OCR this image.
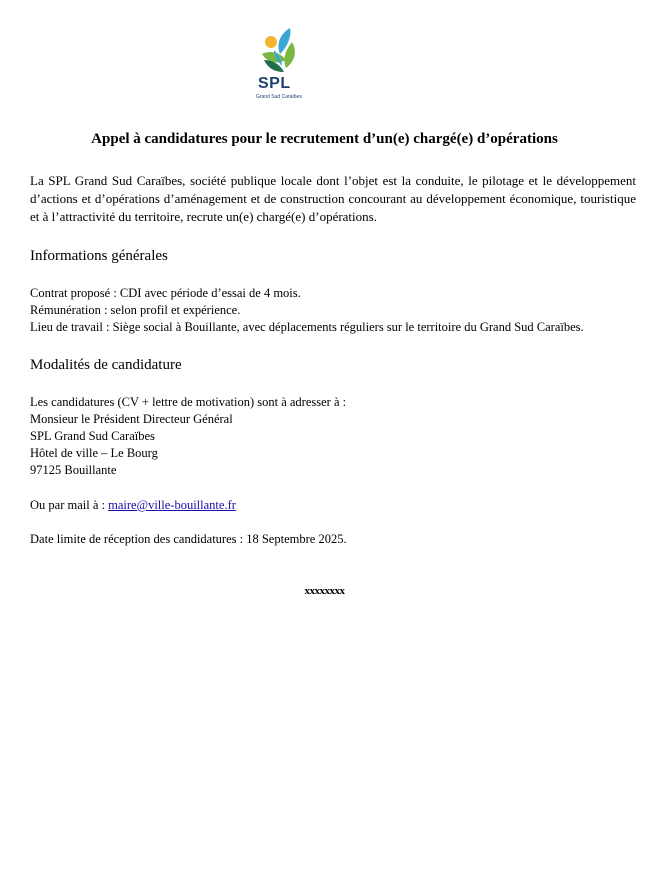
SPL
Grand Sud Caraïbes
Appel à candidatures pour le recrutement d’un(e) chargé(e) d’opérations

La SPL Grand Sud Caraïbes, société publique locale dont l’objet est la conduite, le pilotage et le développement d’actions et d’opérations d’aménagement et de construction concourant au développement économique, touristique et à l’attractivité du territoire, recrute un(e) chargé(e) d’opérations.

Informations générales

Contrat proposé : CDI avec période d’essai de 4 mois.

Rémunération : selon profil et expérience.

Lieu de travail : Siège social à Bouillante, avec déplacements réguliers sur le territoire du Grand Sud Caraïbes.

Modalités de candidature

Les candidatures (CV + lettre de motivation) sont à adresser à :

Monsieur le Président Directeur Général

SPL Grand Sud Caraïbes

Hôtel de ville – Le Bourg

97125 Bouillante

Ou par mail à : maire@ville-bouillante.fr

Date limite de réception des candidatures : 18 Septembre 2025.

xxxxxxxx
